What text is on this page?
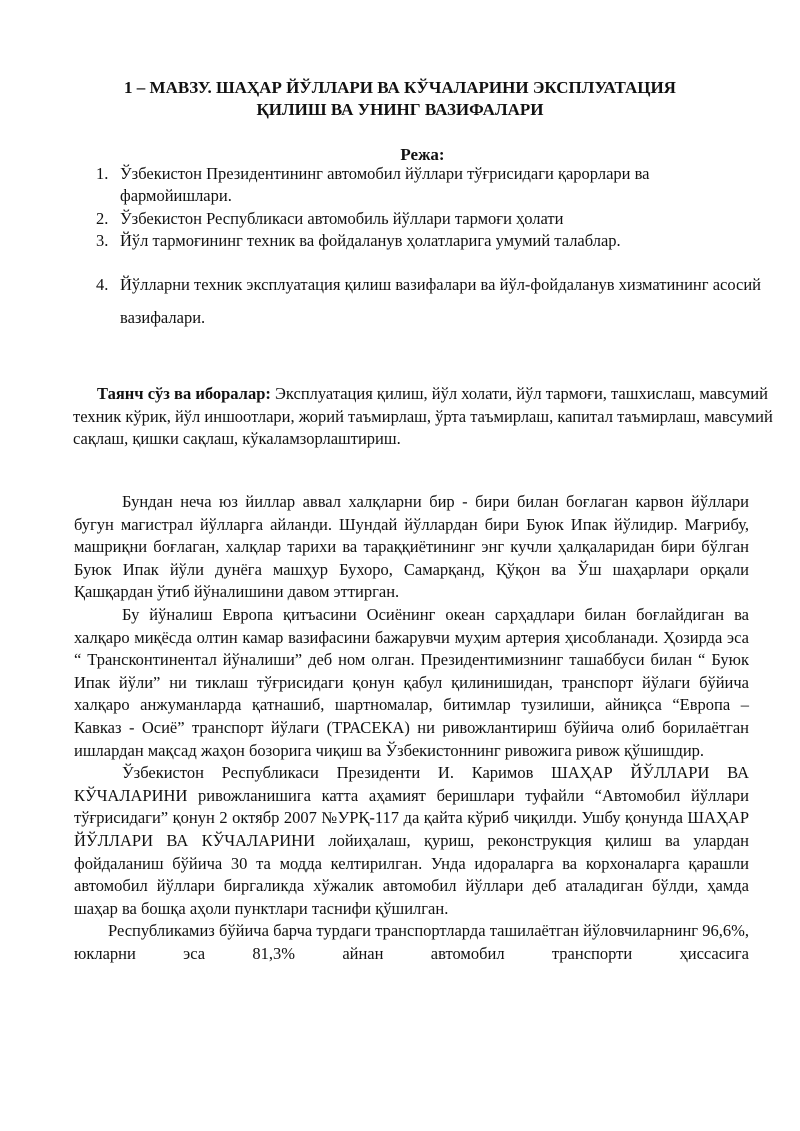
1 – МАВЗУ. ШАҲАР ЙЎЛЛАРИ ВА КЎЧАЛАРИНИ ЭКСПЛУАТАЦИЯ
ҚИЛИШ ВА УНИНГ ВАЗИФАЛАРИ
Режа:
1. Ўзбекистон Президентининг автомобил йўллари тўғрисидаги қарорлари ва фармойишлари.
2. Ўзбекистон Республикаси автомобиль йўллари тармоғи ҳолати
3. Йўл тармоғининг техник ва фойдаланув ҳолатларига умумий талаблар.
4. Йўлларни техник эксплуатация қилиш вазифалари ва йўл-фойдаланув хизматининг асосий вазифалари.
Таянч сўз ва иборалар: Эксплуатация қилиш, йўл холати, йўл тармоғи, ташхислаш, мавсумий техник кўрик, йўл иншоотлари, жорий таъмирлаш, ўрта таъмирлаш, капитал таъмирлаш, мавсумий сақлаш, қишки сақлаш, кўкаламзорлаштириш.

Бундан неча юз йиллар аввал халқларни бир - бири билан боғлаган карвон йўллари бугун магистрал йўлларга айланди. Шундай йўллардан бири Буюк Ипак йўлидир. Мағрибу, машриқни боғлаган, халқлар тарихи ва тараққиётининг энг кучли ҳалқаларидан бири бўлган Буюк Ипак йўли дунёга машҳур Бухоро, Самарқанд, Қўқон ва Ўш шаҳарлари орқали Қашқардан ўтиб йўналишини давом эттирган.

Бу йўналиш Европа қитъасини Осиёнинг океан сарҳадлари билан боғлайдиган ва халқаро миқёсда олтин камар вазифасини бажарувчи муҳим артерия ҳисобланади. Ҳозирда эса “ Трансконтинентал йўналиши” деб ном олган. Президентимизнинг ташаббуси билан “ Буюк Ипак йўли” ни тиклаш тўғрисидаги қонун қабул қилинишидан, транспорт йўлаги бўйича халқаро анжуманларда қатнашиб, шартномалар, битимлар тузилиши, айниқса “Европа – Кавказ - Осиё” транспорт йўлаги (ТРАСЕКА) ни ривожлантириш бўйича олиб борилаётган ишлардан мақсад жаҳон бозорига чиқиш ва Ўзбекистоннинг ривожига ривож қўшишдир.

Ўзбекистон Республикаси Президенти И. Каримов ШАҲАР ЙЎЛЛАРИ ВА КЎЧАЛАРИНИ ривожланишига катта аҳамият беришлари туфайли “Автомобил йўллари тўғрисидаги” қонун 2 октябр 2007 №УРҚ-117 да қайта кўриб чиқилди. Ушбу қонунда ШАҲАР ЙЎЛЛАРИ ВА КЎЧАЛАРИНИ лойиҳалаш, қуриш, реконструкция қилиш ва улардан фойдаланиш бўйича 30 та модда келтирилган. Унда идораларга ва корхоналарга қарашли автомобил йўллари биргаликда хўжалик автомобил йўллари деб аталадиган бўлди, ҳамда шаҳар ва бошқа аҳоли пунктлари таснифи қўшилган.

Республикамиз бўйича барча турдаги транспортларда ташилаётган йўловчиларнинг 96,6%, юкларни эса 81,3% айнан автомобил транспорти ҳиссасига
